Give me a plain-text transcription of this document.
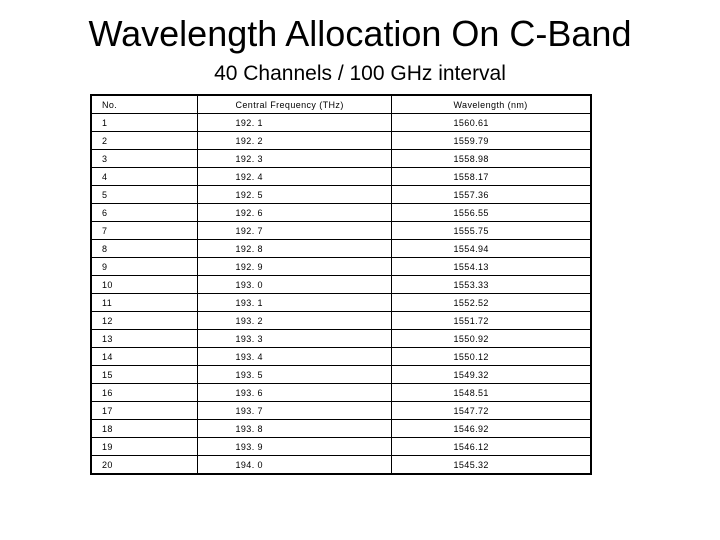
Wavelength Allocation On C-Band
40 Channels / 100 GHz interval
No.	Central Frequency (THz)	Wavelength (nm)
1	192. 1	1560.61
2	192. 2	1559.79
3	192. 3	1558.98
4	192. 4	1558.17
5	192. 5	1557.36
6	192. 6	1556.55
7	192. 7	1555.75
8	192. 8	1554.94
9	192. 9	1554.13
10	193. 0	1553.33
11	193. 1	1552.52
12	193. 2	1551.72
13	193. 3	1550.92
14	193. 4	1550.12
15	193. 5	1549.32
16	193. 6	1548.51
17	193. 7	1547.72
18	193. 8	1546.92
19	193. 9	1546.12
20	194. 0	1545.32
